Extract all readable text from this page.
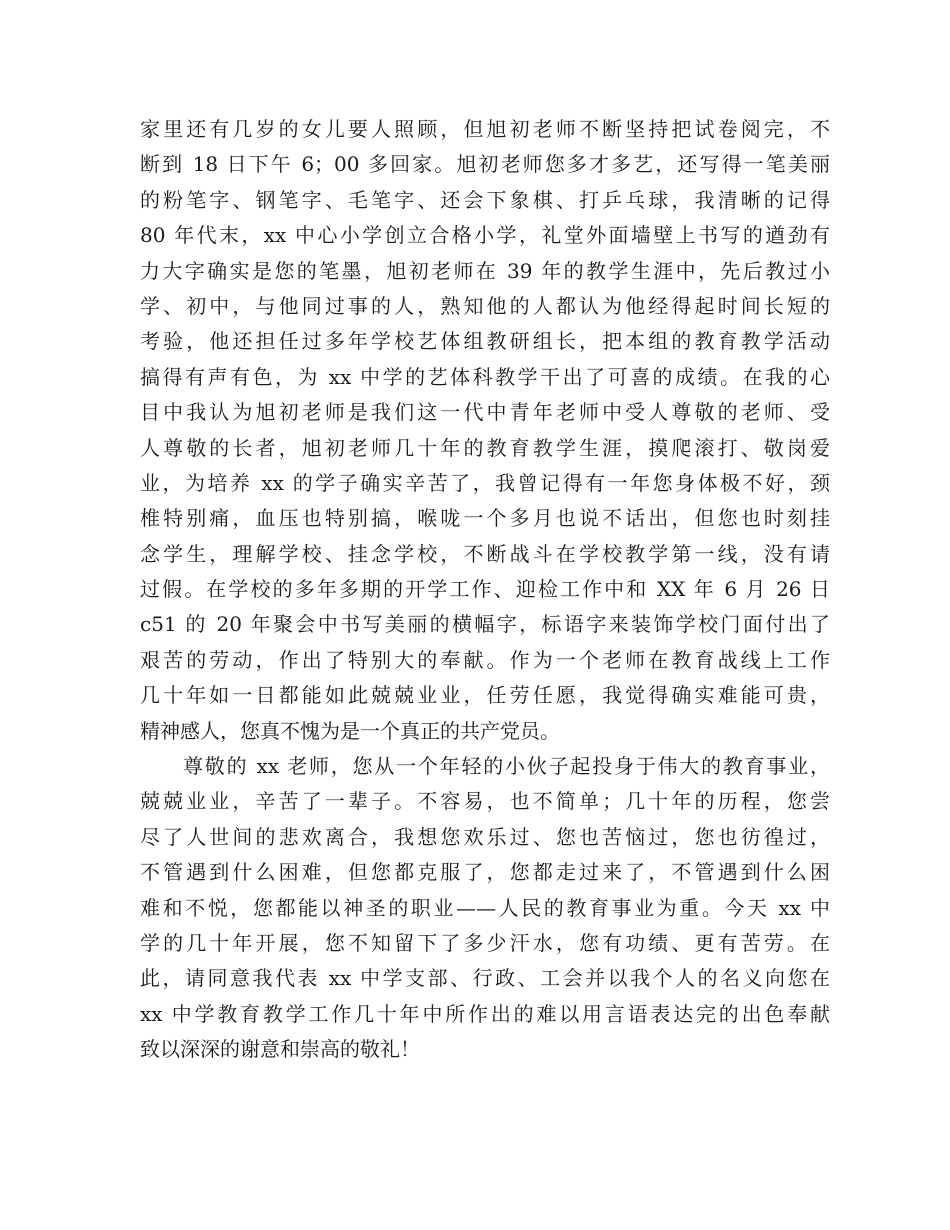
家里还有几岁的女儿要人照顾，但旭初老师不断坚持把试卷阅完，不
断到 18 日下午 6；00 多回家。旭初老师您多才多艺，还写得一笔美丽
的粉笔字、钢笔字、毛笔字、还会下象棋、打乒乓球，我清晰的记得
80 年代末，xx 中心小学创立合格小学，礼堂外面墙壁上书写的遒劲有
力大字确实是您的笔墨，旭初老师在 39 年的教学生涯中，先后教过小
学、初中，与他同过事的人，熟知他的人都认为他经得起时间长短的
考验，他还担任过多年学校艺体组教研组长，把本组的教育教学活动
搞得有声有色，为 xx 中学的艺体科教学干出了可喜的成绩。在我的心
目中我认为旭初老师是我们这一代中青年老师中受人尊敬的老师、受
人尊敬的长者，旭初老师几十年的教育教学生涯，摸爬滚打、敬岗爱
业，为培养 xx 的学子确实辛苦了，我曾记得有一年您身体极不好，颈
椎特别痛，血压也特别搞，喉咙一个多月也说不话出，但您也时刻挂
念学生，理解学校、挂念学校，不断战斗在学校教学第一线，没有请
过假。在学校的多年多期的开学工作、迎检工作中和 XX 年 6 月 26 日
c51 的 20 年聚会中书写美丽的横幅字，标语字来装饰学校门面付出了
艰苦的劳动，作出了特别大的奉献。作为一个老师在教育战线上工作
几十年如一日都能如此兢兢业业，任劳任愿，我觉得确实难能可贵，
精神感人，您真不愧为是一个真正的共产党员。
尊敬的 xx 老师，您从一个年轻的小伙子起投身于伟大的教育事业，
兢兢业业，辛苦了一辈子。不容易，也不简单；几十年的历程，您尝
尽了人世间的悲欢离合，我想您欢乐过、您也苦恼过，您也彷徨过，
不管遇到什么困难，但您都克服了，您都走过来了，不管遇到什么困
难和不悦，您都能以神圣的职业——人民的教育事业为重。今天 xx 中
学的几十年开展，您不知留下了多少汗水，您有功绩、更有苦劳。在
此，请同意我代表 xx 中学支部、行政、工会并以我个人的名义向您在
xx 中学教育教学工作几十年中所作出的难以用言语表达完的出色奉献
致以深深的谢意和崇高的敬礼！
